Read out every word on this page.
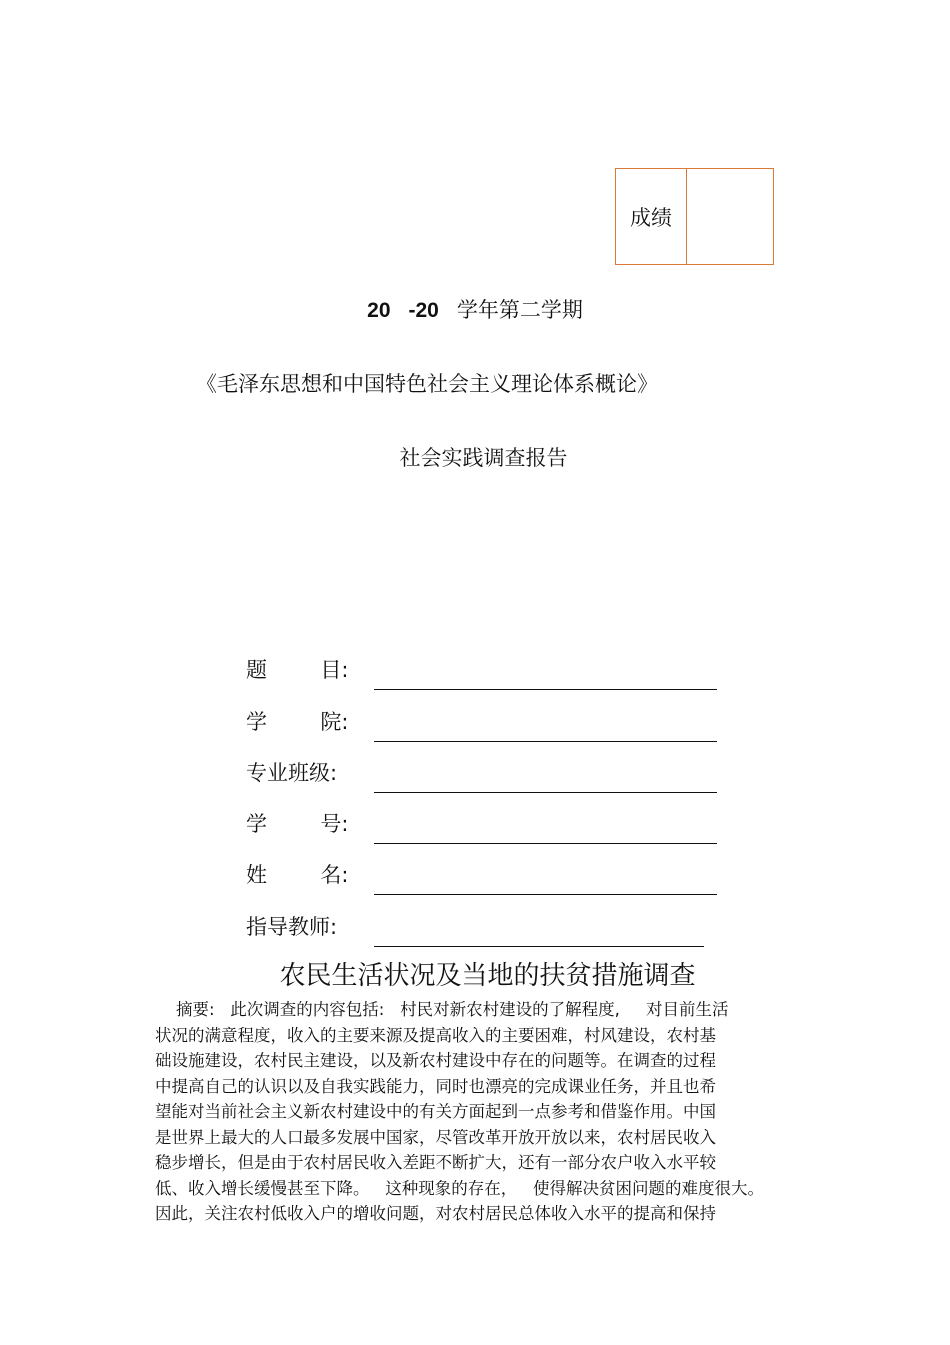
成绩
20 -20 学年第二学期
《毛泽东思想和中国特色社会主义理论体系概论》
社会实践调查报告
题        目:
学        院:
专业班级:
学        号:
姓        名:
指导教师:
农民生活状况及当地的扶贫措施调查
摘要:   此次调查的内容包括:   村民对新农村建设的了解程度,     对目前生活
状况的满意程度，收入的主要来源及提高收入的主要困难，村风建设，农村基
础设施建设，农村民主建设，以及新农村建设中存在的问题等。在调查的过程
中提高自己的认识以及自我实践能力，同时也漂亮的完成课业任务，并且也希
望能对当前社会主义新农村建设中的有关方面起到一点参考和借鉴作用。中国
是世界上最大的人口最多发展中国家，尽管改革开放开放以来，农村居民收入
稳步增长，但是由于农村居民收入差距不断扩大，还有一部分农户收入水平较
低、收入增长缓慢甚至下降。   这种现象的存在，   使得解决贫困问题的难度很大。
因此，关注农村低收入户的增收问题，对农村居民总体收入水平的提高和保持
